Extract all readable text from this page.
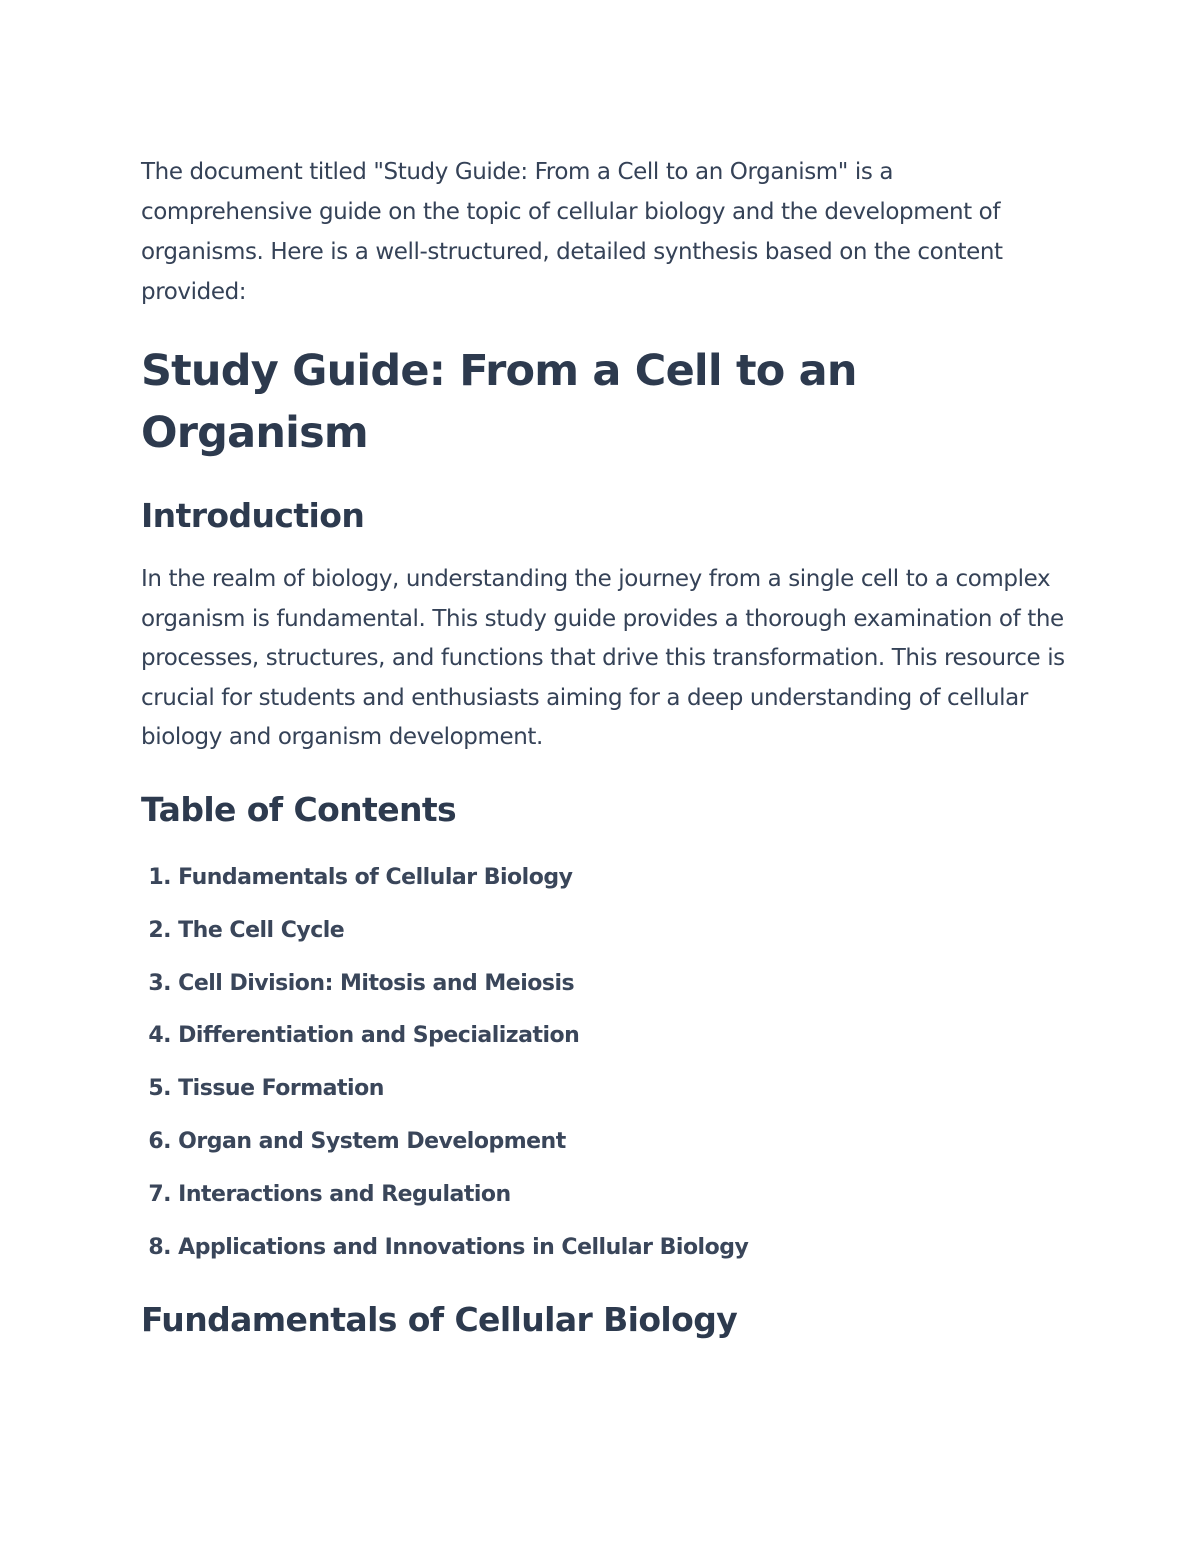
The document titled "Study Guide: From a Cell to an Organism" is a comprehensive guide on the topic of cellular biology and the development of organisms. Here is a well-structured, detailed synthesis based on the content provided:

Study Guide: From a Cell to an Organism
Introduction

In the realm of biology, understanding the journey from a single cell to a complex organism is fundamental. This study guide provides a thorough examination of the processes, structures, and functions that drive this transformation. This resource is crucial for students and enthusiasts aiming for a deep understanding of cellular biology and organism development.

Table of Contents
1. Fundamentals of Cellular Biology
2. The Cell Cycle
3. Cell Division: Mitosis and Meiosis
4. Differentiation and Specialization
5. Tissue Formation
6. Organ and System Development
7. Interactions and Regulation
8. Applications and Innovations in Cellular Biology
Fundamentals of Cellular Biology
